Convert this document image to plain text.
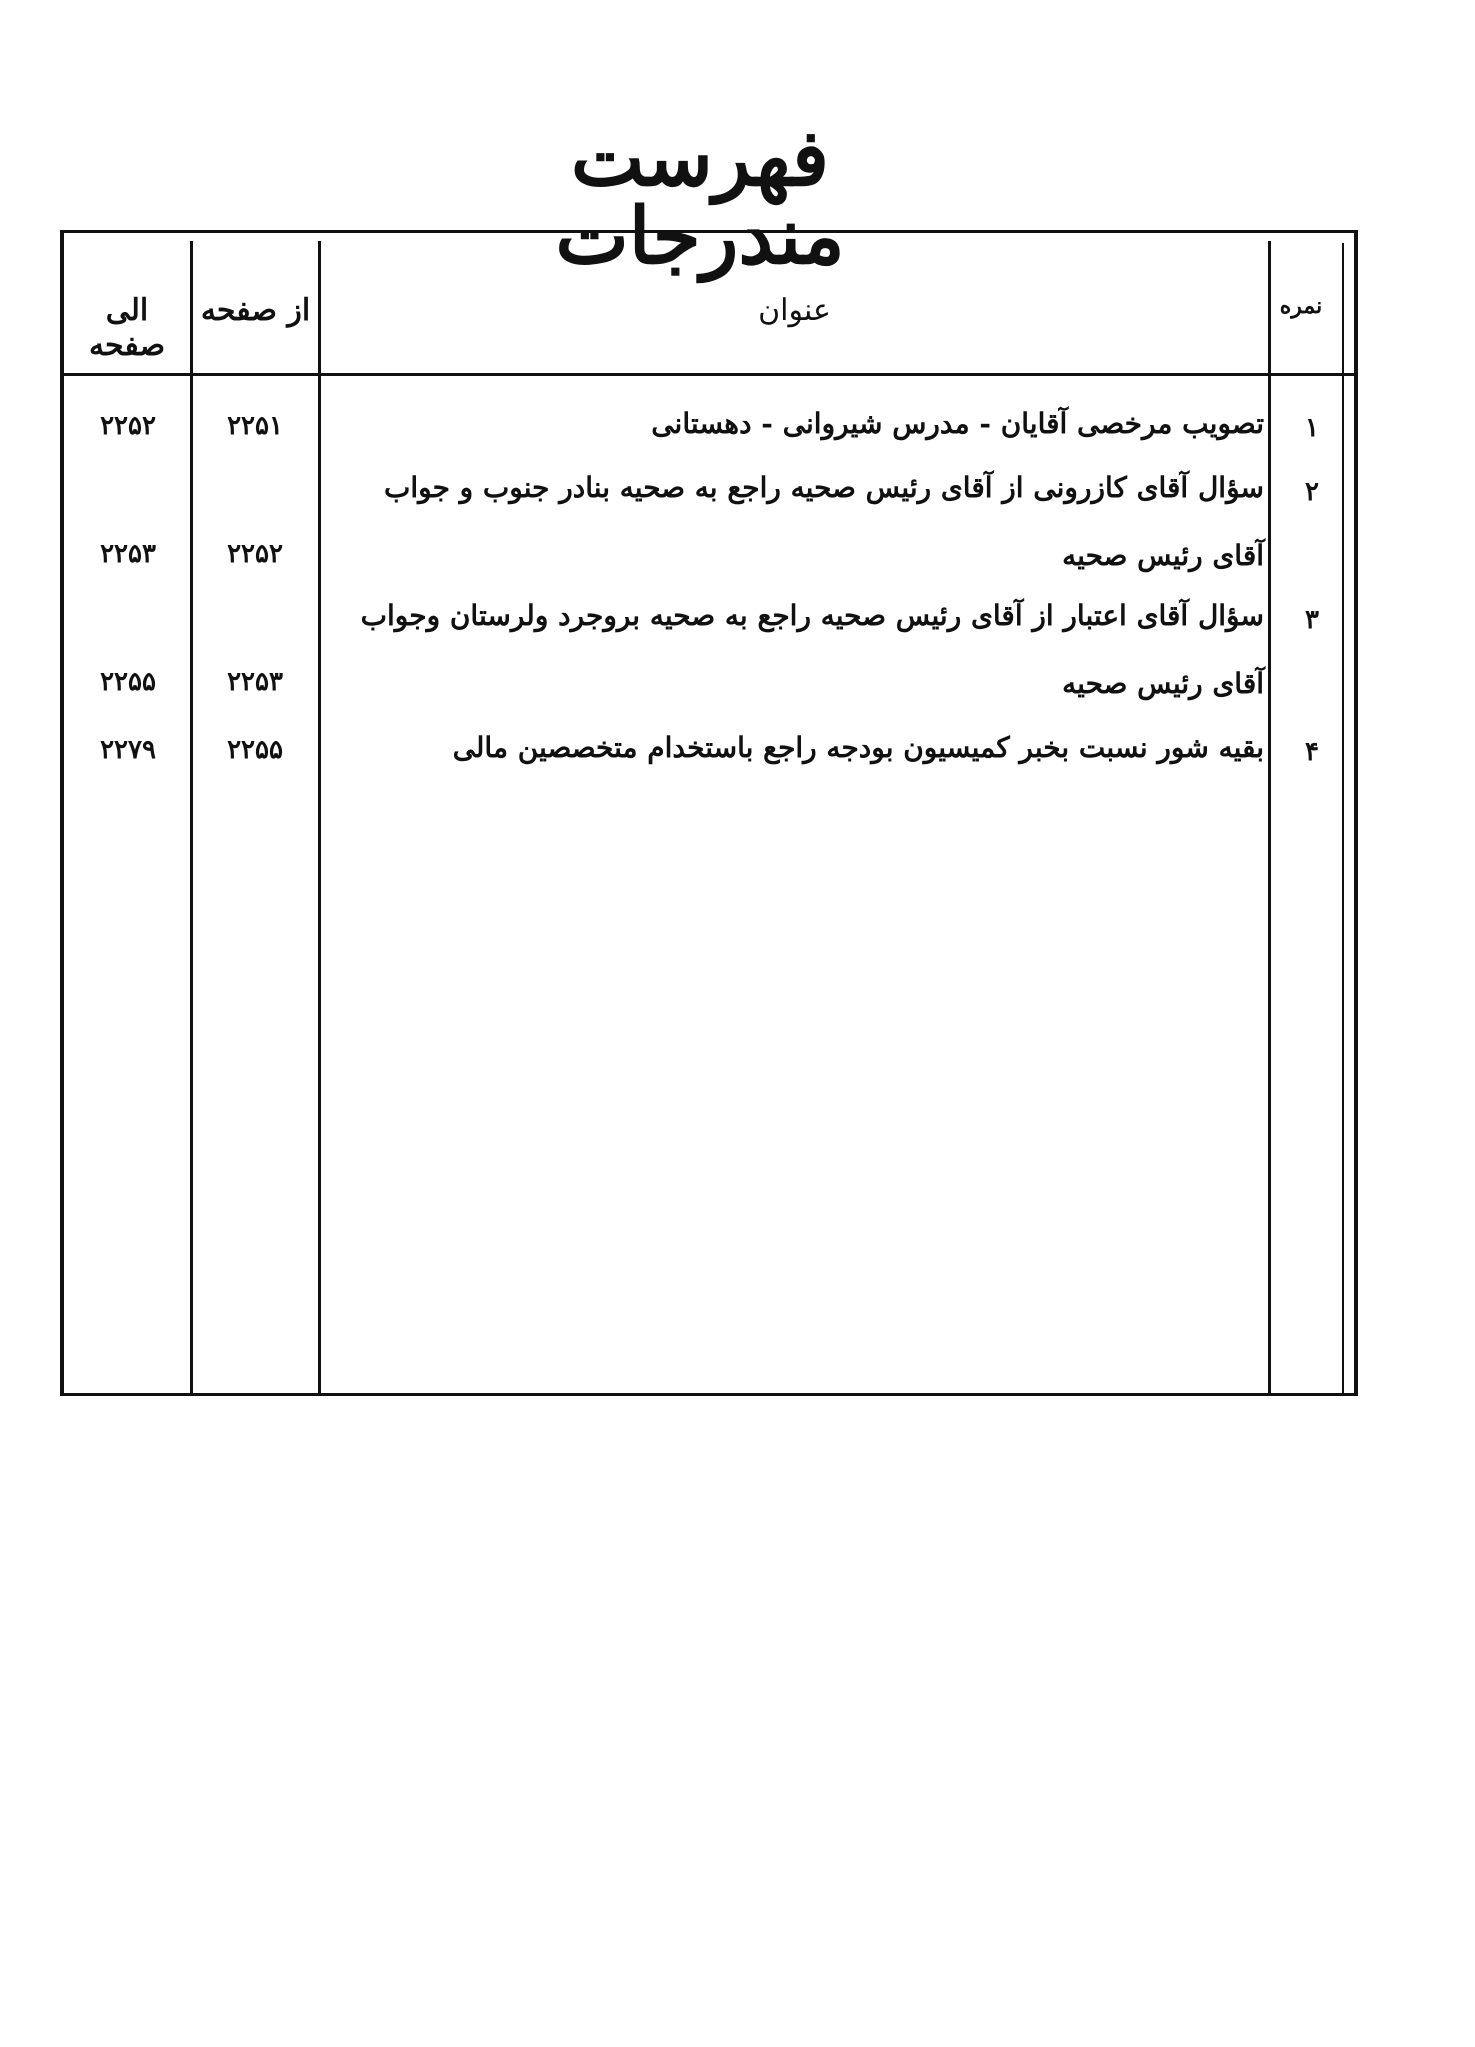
فهرست مندرجات
الی صفحه
از صفحه	عنوان	نمره
۱
تصویب مرخصی آقایان - مدرس شیروانی - دهستانی
۲۲۵۱
۲۲۵۲
۲
سؤال آقای کازرونی از آقای رئیس صحیه راجع به صحیه بنادر جنوب و جواب
آقای رئیس صحیه
۲۲۵۲
۲۲۵۳
۳
سؤال آقای اعتبار از آقای رئیس صحیه راجع به صحیه بروجرد ولرستان وجواب
آقای رئیس صحیه
۲۲۵۳
۲۲۵۵
۴
بقیه شور نسبت بخبر کمیسیون بودجه راجع باستخدام متخصصین مالی
۲۲۵۵
۲۲۷۹
